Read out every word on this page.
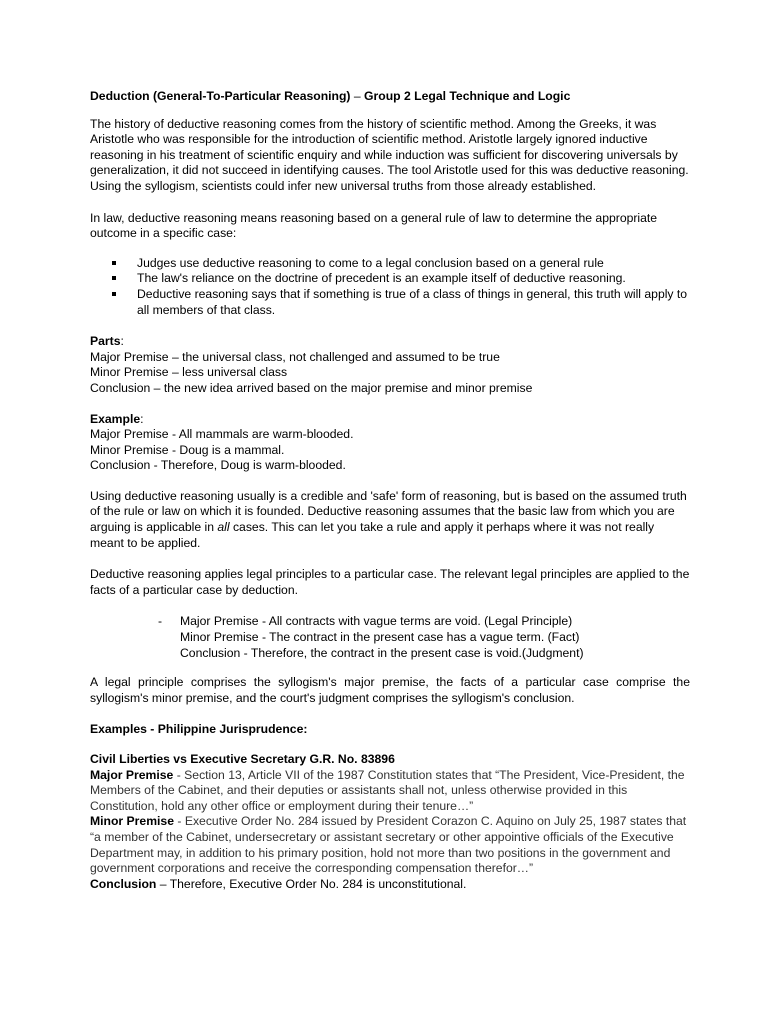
Deduction (General-To-Particular Reasoning) – Group 2 Legal Technique and Logic

The history of deductive reasoning comes from the history of scientific method. Among the Greeks, it was Aristotle who was responsible for the introduction of scientific method. Aristotle largely ignored inductive reasoning in his treatment of scientific enquiry and while induction was sufficient for discovering universals by generalization, it did not succeed in identifying causes. The tool Aristotle used for this was deductive reasoning. Using the syllogism, scientists could infer new universal truths from those already established.

In law, deductive reasoning means reasoning based on a general rule of law to determine the appropriate outcome in a specific case:

Judges use deductive reasoning to come to a legal conclusion based on a general rule
The law's reliance on the doctrine of precedent is an example itself of deductive reasoning.
Deductive reasoning says that if something is true of a class of things in general, this truth will apply to all members of that class.

Parts:

Major Premise – the universal class, not challenged and assumed to be true

Minor Premise – less universal class

Conclusion – the new idea arrived based on the major premise and minor premise

Example:

Major Premise - All mammals are warm-blooded.

Minor Premise - Doug is a mammal.

Conclusion - Therefore, Doug is warm-blooded.

Using deductive reasoning usually is a credible and 'safe' form of reasoning, but is based on the assumed truth of the rule or law on which it is founded. Deductive reasoning assumes that the basic law from which you are arguing is applicable in all cases. This can let you take a rule and apply it perhaps where it was not really meant to be applied.

Deductive reasoning applies legal principles to a particular case. The relevant legal principles are applied to the facts of a particular case by deduction.

- Major Premise - All contracts with vague terms are void. (Legal Principle)

Minor Premise - The contract in the present case has a vague term. (Fact)

Conclusion - Therefore, the contract in the present case is void.(Judgment)

A legal principle comprises the syllogism's major premise, the facts of a particular case comprise the syllogism's minor premise, and the court's judgment comprises the syllogism's conclusion.

Examples - Philippine Jurisprudence:

Civil Liberties vs Executive Secretary G.R. No. 83896

Major Premise - Section 13, Article VII of the 1987 Constitution states that “The President, Vice-President, the Members of the Cabinet, and their deputies or assistants shall not, unless otherwise provided in this Constitution, hold any other office or employment during their tenure…”

Minor Premise - Executive Order No. 284 issued by President Corazon C. Aquino on July 25, 1987 states that “a member of the Cabinet, undersecretary or assistant secretary or other appointive officials of the Executive Department may, in addition to his primary position, hold not more than two positions in the government and government corporations and receive the corresponding compensation therefor…”

Conclusion – Therefore, Executive Order No. 284 is unconstitutional.
